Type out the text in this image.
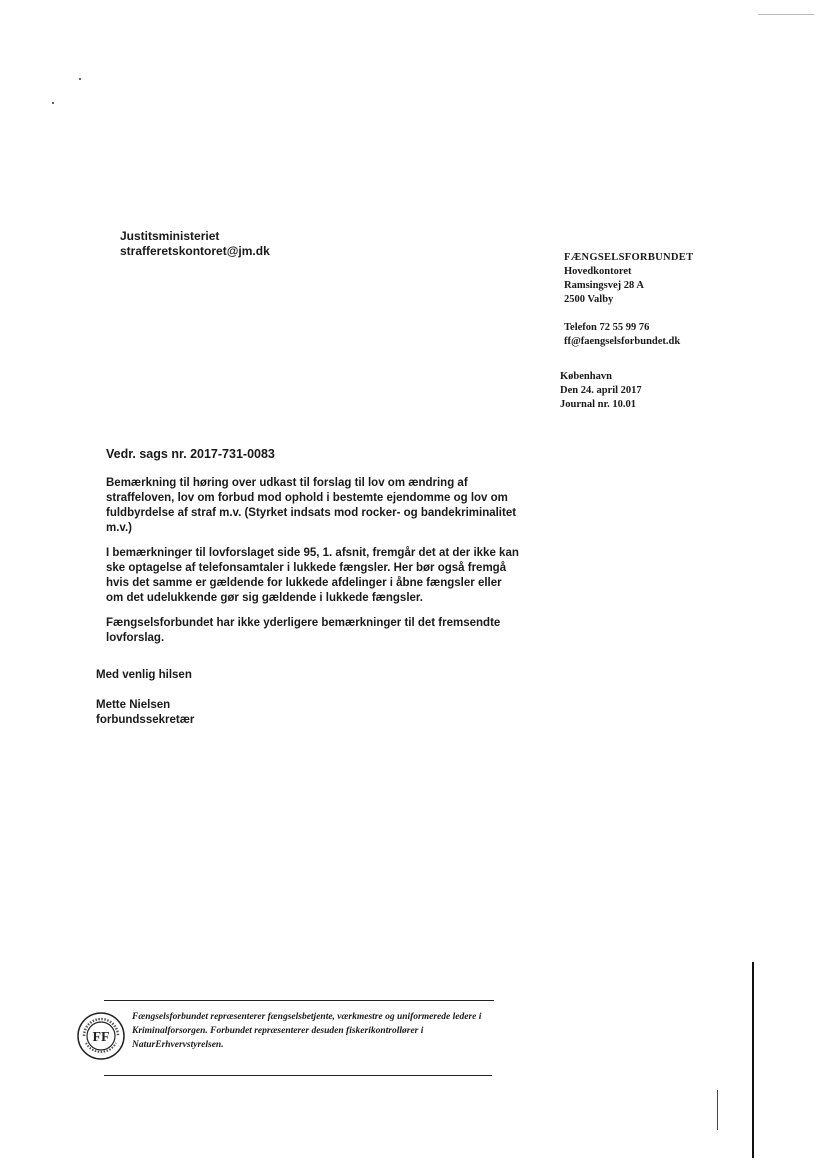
Justitsministeriet
strafferetskontoret@jm.dk	FÆNGSELSFORBUNDET
Hovedkontoret
Ramsingsvej 28 A
2500 Valby
Telefon 72 55 99 76
ff@faengselsforbundet.dk
København
Den 24. april 2017
Journal nr. 10.01
Vedr. sags nr. 2017-731-0083

Bemærkning til høring over udkast til forslag til lov om ændring af straffeloven, lov om forbud mod ophold i bestemte ejendomme og lov om fuldbyrdelse af straf m.v. (Styrket indsats mod rocker- og bandekriminalitet m.v.)

I bemærkninger til lovforslaget side 95, 1. afsnit, fremgår det at der ikke kan ske optagelse af telefonsamtaler i lukkede fængsler. Her bør også fremgå hvis det samme er gældende for lukkede afdelinger i åbne fængsler eller om det udelukkende gør sig gældende i lukkede fængsler.

Fængselsforbundet har ikke yderligere bemærkninger til det fremsendte lovforslag.

Med venlig hilsen
Mette Nielsen
forbundssekretær
FF
Fængselsforbundet repræsenterer fængselsbetjente, værkmestre og uniformerede ledere i Kriminalforsorgen. Forbundet repræsenterer desuden fiskerikontrollører i NaturErhvervstyrelsen.
